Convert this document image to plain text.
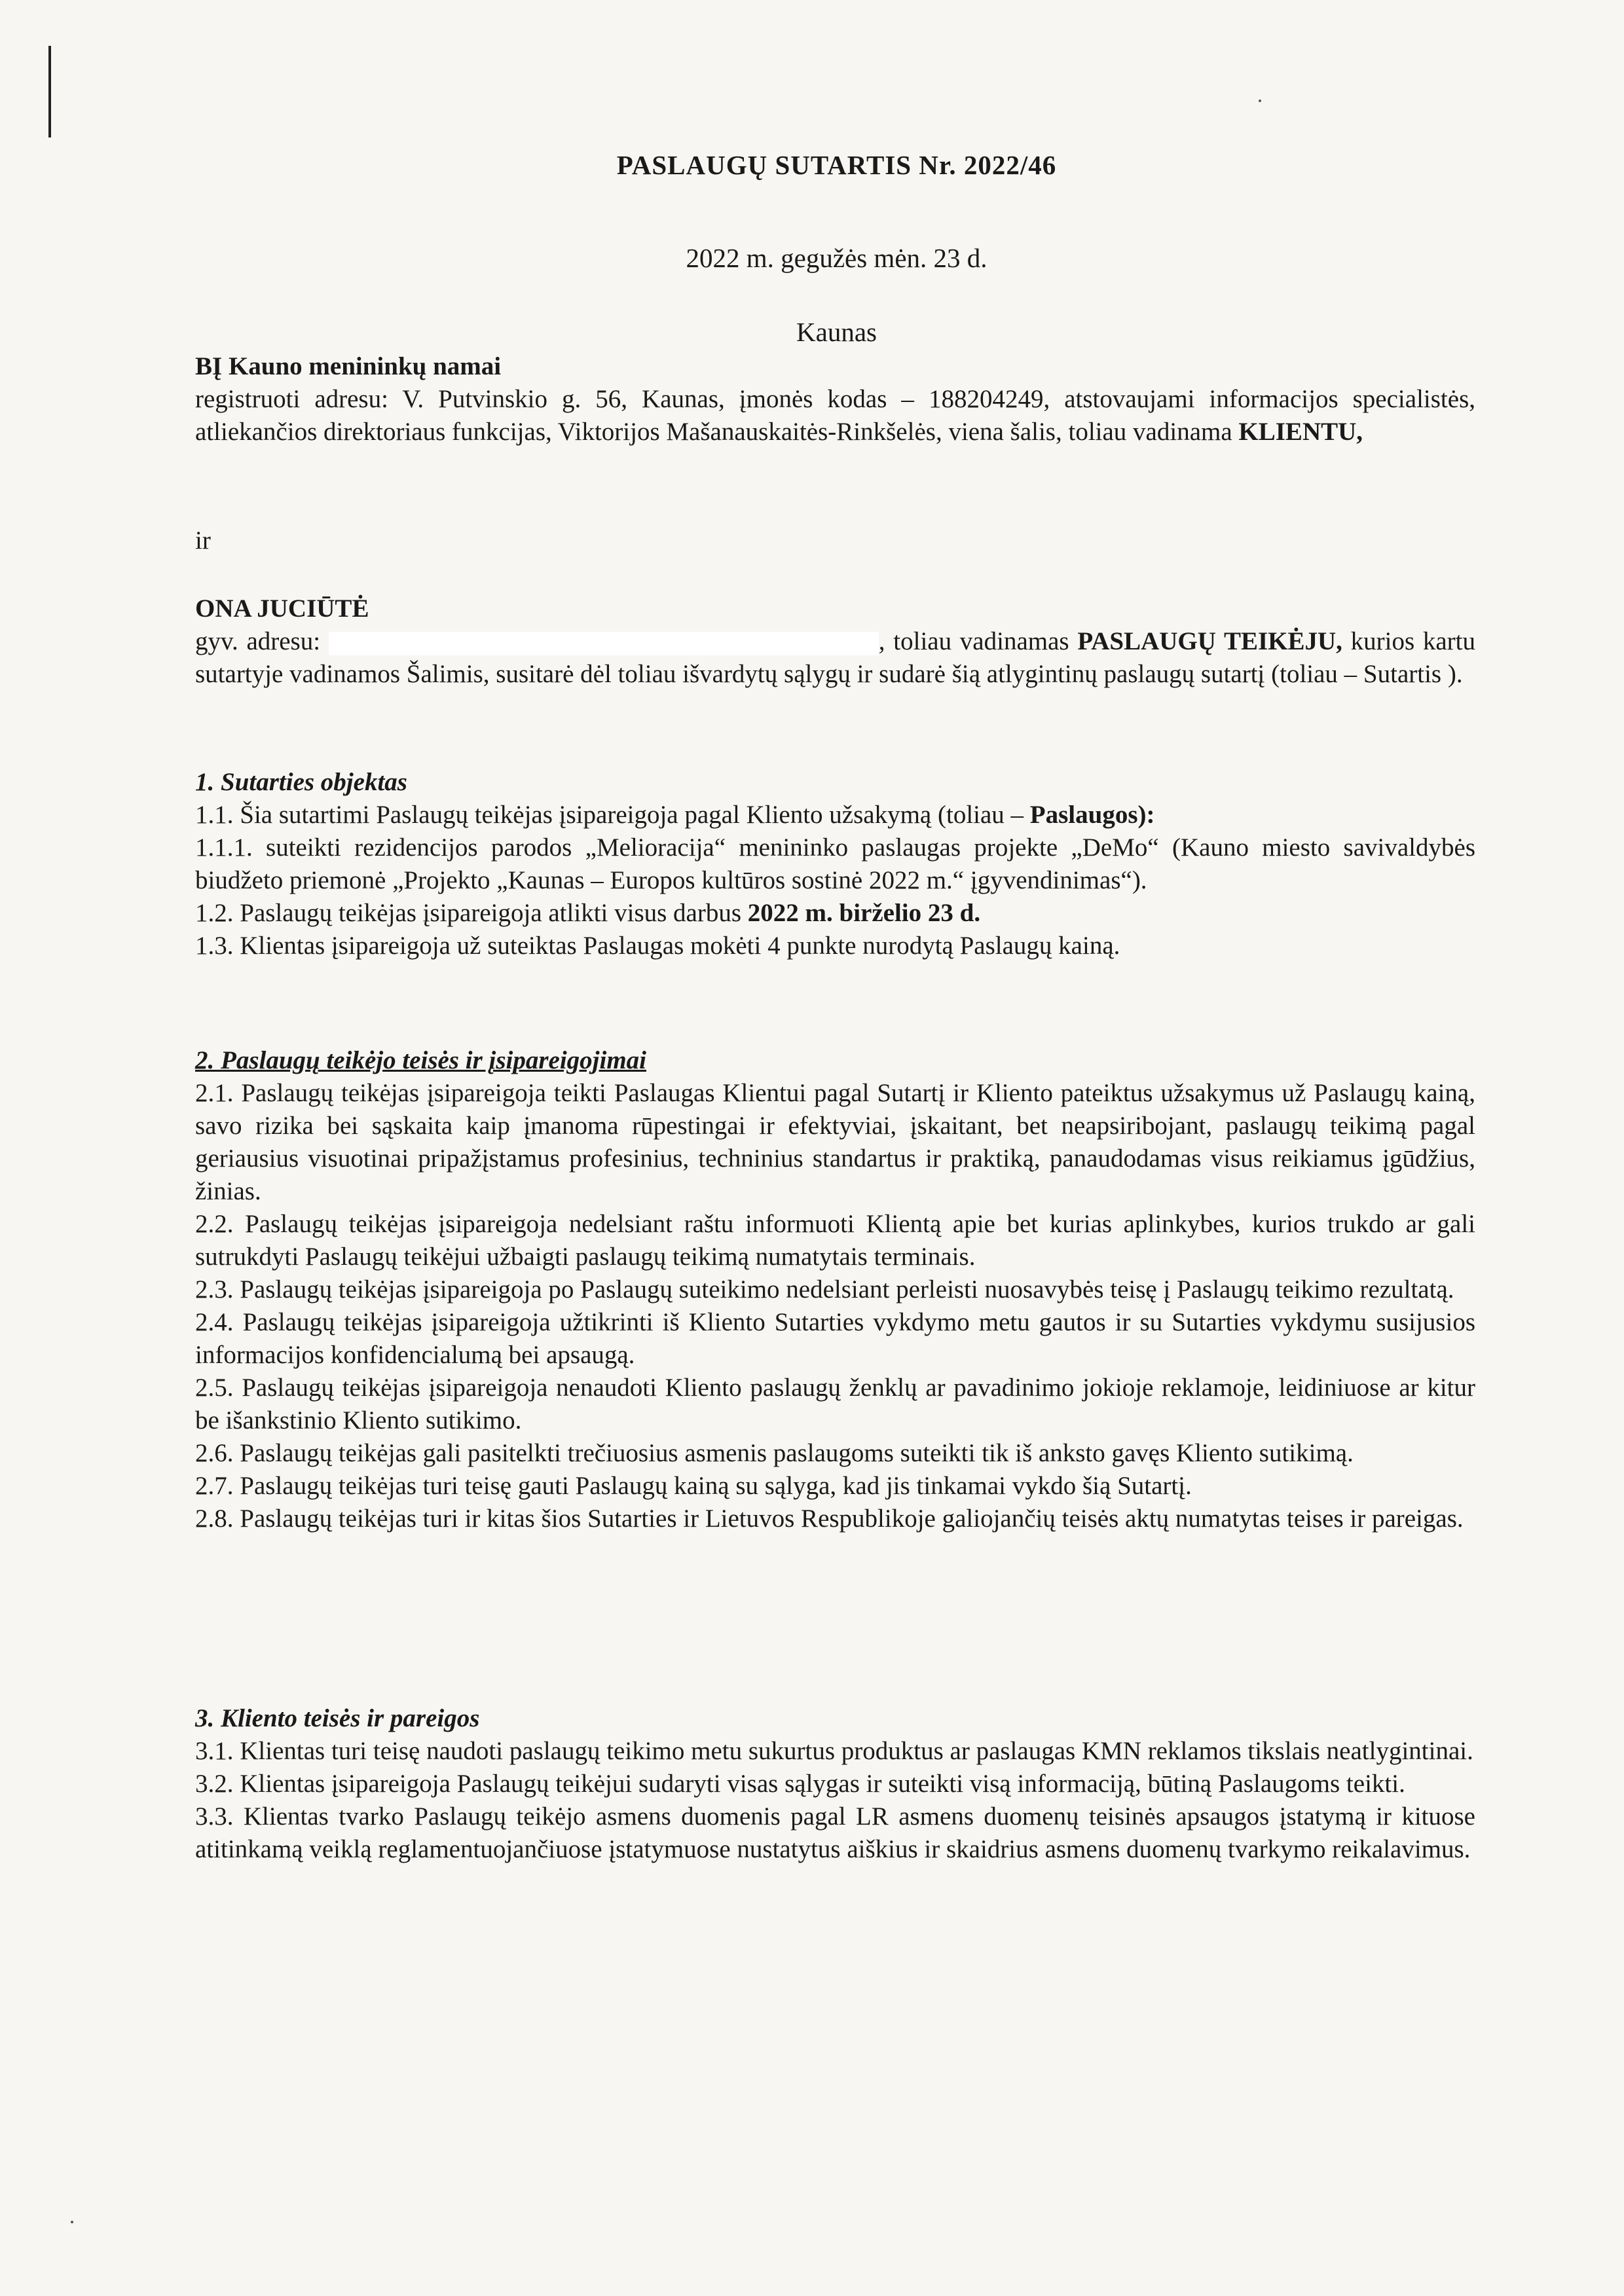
PASLAUGŲ SUTARTIS Nr. 2022/46
2022 m. gegužės mėn. 23 d.
Kaunas

BĮ Kauno menininkų namai

registruoti adresu: V. Putvinskio g. 56, Kaunas, įmonės kodas – 188204249, atstovaujami informacijos specialistės, atliekančios direktoriaus funkcijas, Viktorijos Mašanauskaitės-Rinkšelės, viena šalis, toliau vadinama KLIENTU,

ir

ONA JUCIŪTĖ

gyv. adresu:	, toliau vadinamas PASLAUGŲ TEIKĖJU, kurios kartu sutartyje vadinamos Šalimis, susitarė dėl toliau išvardytų sąlygų ir sudarė šią atlygintinų paslaugų sutartį (toliau – Sutartis ).

1. Sutarties objektas

1.1. Šia sutartimi Paslaugų teikėjas įsipareigoja pagal Kliento užsakymą (toliau – Paslaugos):

1.1.1. suteikti rezidencijos parodos „Melioracija“ menininko paslaugas projekte „DeMo“ (Kauno miesto savivaldybės biudžeto priemonė „Projekto „Kaunas – Europos kultūros sostinė 2022 m.“ įgyvendinimas“).

1.2. Paslaugų teikėjas įsipareigoja atlikti visus darbus 2022 m. birželio 23 d.

1.3. Klientas įsipareigoja už suteiktas Paslaugas mokėti 4 punkte nurodytą Paslaugų kainą.

2. Paslaugų teikėjo teisės ir įsipareigojimai

2.1. Paslaugų teikėjas įsipareigoja teikti Paslaugas Klientui pagal Sutartį ir Kliento pateiktus užsakymus už Paslaugų kainą, savo rizika bei sąskaita kaip įmanoma rūpestingai ir efektyviai, įskaitant, bet neapsiribojant, paslaugų teikimą pagal geriausius visuotinai pripažįstamus profesinius, techninius standartus ir praktiką, panaudodamas visus reikiamus įgūdžius, žinias.

2.2. Paslaugų teikėjas įsipareigoja nedelsiant raštu informuoti Klientą apie bet kurias aplinkybes, kurios trukdo ar gali sutrukdyti Paslaugų teikėjui užbaigti paslaugų teikimą numatytais terminais.

2.3. Paslaugų teikėjas įsipareigoja po Paslaugų suteikimo nedelsiant perleisti nuosavybės teisę į Paslaugų teikimo rezultatą.

2.4. Paslaugų teikėjas įsipareigoja užtikrinti iš Kliento Sutarties vykdymo metu gautos ir su Sutarties vykdymu susijusios informacijos konfidencialumą bei apsaugą.

2.5. Paslaugų teikėjas įsipareigoja nenaudoti Kliento paslaugų ženklų ar pavadinimo jokioje reklamoje, leidiniuose ar kitur be išankstinio Kliento sutikimo.

2.6. Paslaugų teikėjas gali pasitelkti trečiuosius asmenis paslaugoms suteikti tik iš anksto gavęs Kliento sutikimą.

2.7. Paslaugų teikėjas turi teisę gauti Paslaugų kainą su sąlyga, kad jis tinkamai vykdo šią Sutartį.

2.8. Paslaugų teikėjas turi ir kitas šios Sutarties ir Lietuvos Respublikoje galiojančių teisės aktų numatytas teises ir pareigas.

3. Kliento teisės ir pareigos

3.1. Klientas turi teisę naudoti paslaugų teikimo metu sukurtus produktus ar paslaugas KMN reklamos tikslais neatlygintinai.

3.2. Klientas įsipareigoja Paslaugų teikėjui sudaryti visas sąlygas ir suteikti visą informaciją, būtiną Paslaugoms teikti.

3.3. Klientas tvarko Paslaugų teikėjo asmens duomenis pagal LR asmens duomenų teisinės apsaugos įstatymą ir kituose atitinkamą veiklą reglamentuojančiuose įstatymuose nustatytus aiškius ir skaidrius asmens duomenų tvarkymo reikalavimus.
